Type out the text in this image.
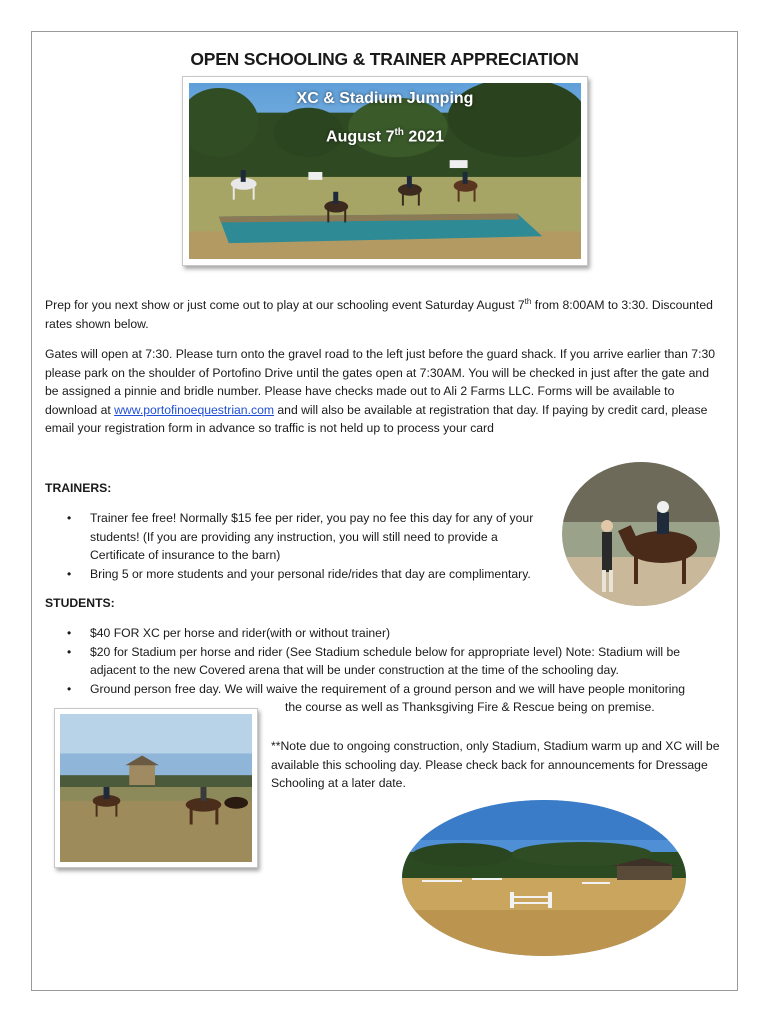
OPEN SCHOOLING & TRAINER APPRECIATION
XC & Stadium Jumping
August 7th 2021
Prep for you next show or just come out to play at our schooling event Saturday August 7th from 8:00AM to 3:30. Discounted rates shown below.
Gates will open at 7:30. Please turn onto the gravel road to the left just before the guard shack. If you arrive earlier than 7:30 please park on the shoulder of Portofino Drive until the gates open at 7:30AM. You will be checked in just after the gate and be assigned a pinnie and bridle number. Please have checks made out to Ali 2 Farms LLC. Forms will be available to download at www.portofinoequestrian.com and will also be available at registration that day. If paying by credit card, please email your registration form in advance so traffic is not held up to process your card
TRAINERS:
• Trainer fee free! Normally $15 fee per rider, you pay no fee this day for any of your students! (If you are providing any instruction, you will still need to provide a Certificate of insurance to the barn)
• Bring 5 or more students and your personal ride/rides that day are complimentary.
STUDENTS:
• $40 FOR XC per horse and rider(with or without trainer)
• $20 for Stadium per horse and rider (See Stadium schedule below for appropriate level) Note: Stadium will be adjacent to the new Covered arena that will be under construction at the time of the schooling day.
• Ground person free day. We will waive the requirement of a ground person and we will have people monitoring
the course as well as Thanksgiving Fire & Rescue being on premise.
**Note due to ongoing construction, only Stadium, Stadium warm up and XC will be available this schooling day. Please check back for announcements for Dressage Schooling at a later date.
